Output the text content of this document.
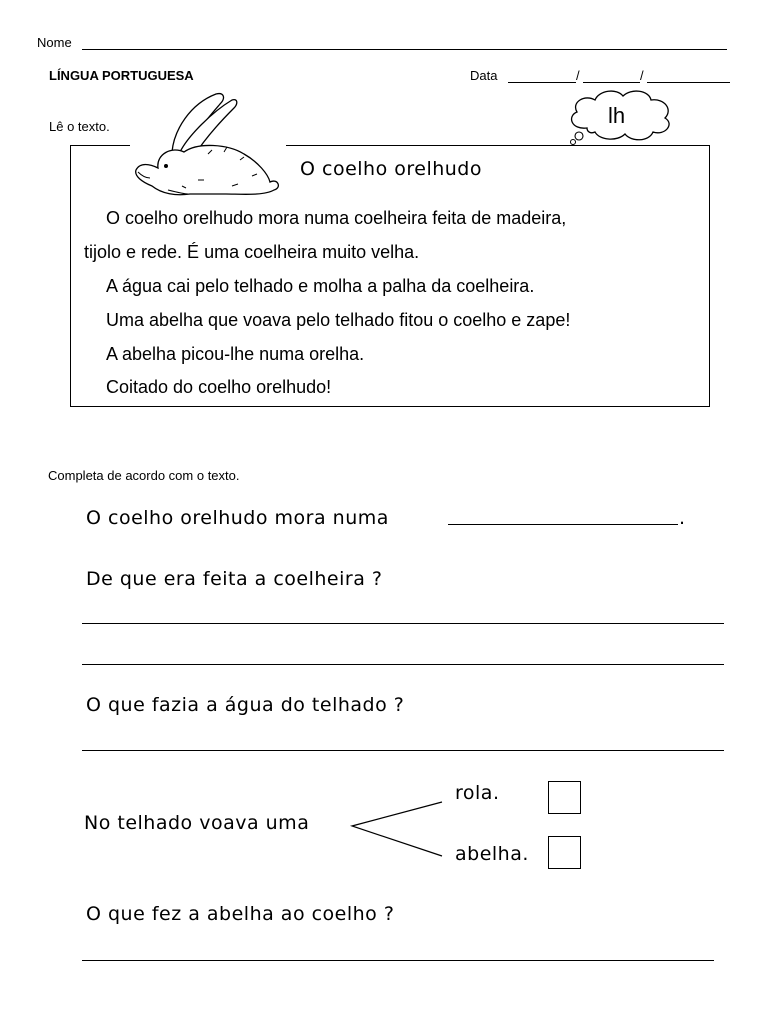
Nome
LÍNGUA PORTUGUESA	Data	/	/
Lê o texto.	lh
O coelho orelhudo
O coelho orelhudo mora numa coelheira feita de madeira,
tijolo e rede. É uma coelheira muito velha.
A água cai pelo telhado e molha a palha da coelheira.
Uma abelha que voava pelo telhado fitou o coelho e zape!
A abelha picou-lhe numa orelha.
Coitado do coelho orelhudo!
Completa de acordo com o texto.
O coelho orelhudo mora numa	.
De que era feita a coelheira ?
O que fazia a água do telhado ?
No telhado voava uma
rola.
abelha.
O que fez a abelha ao coelho ?
